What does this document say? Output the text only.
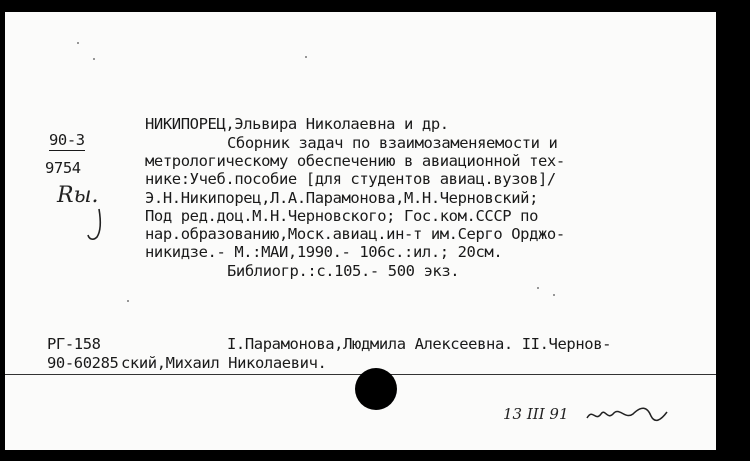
90-3
9754
Rы.
НИКИПОРЕЦ,Эльвира Николаевна и др.
Сборник задач по взаимозаменяемости и
метрологическому обеспечению в авиационной тех-
нике:Учеб.пособие [для студентов авиац.вузов]/
Э.Н.Никипорец,Л.А.Парамонова,М.Н.Черновский;
Под ред.доц.М.Н.Черновского; Гос.ком.СССР по
нар.образованию,Моск.авиац.ин-т им.Серго Орджо-
никидзе.- М.:МАИ,1990.- 106с.:ил.; 20см.
Библиогр.:с.105.- 500 экз.
РГ-158
90-60285
I.Парамонова,Людмила Алексеевна. II.Чернов-
ский,Михаил Николаевич.
13 III 91
